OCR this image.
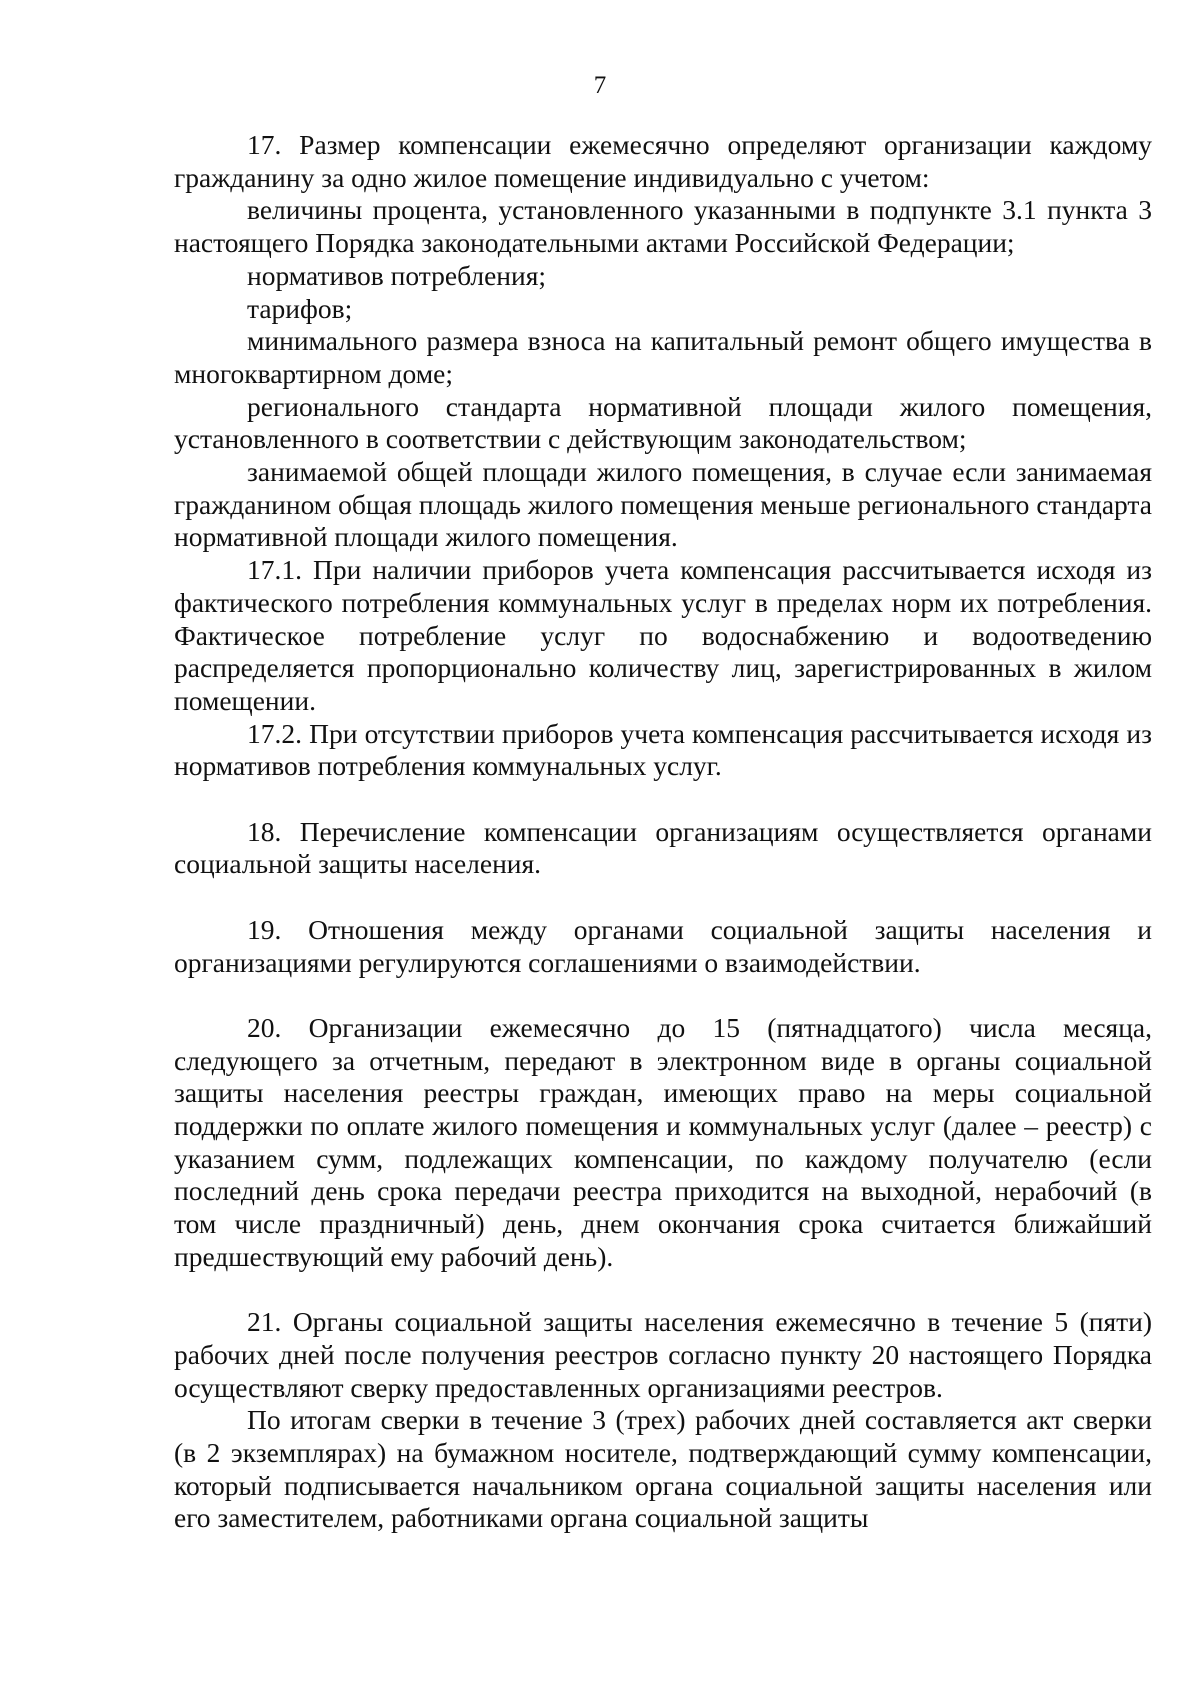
7

17. Размер компенсации ежемесячно определяют организации каждому гражданину за одно жилое помещение индивидуально с учетом:

величины процента, установленного указанными в подпункте 3.1 пункта 3 настоящего Порядка законодательными актами Российской Федерации;

нормативов потребления;

тарифов;

минимального размера взноса на капитальный ремонт общего имущества в многоквартирном доме;

регионального стандарта нормативной площади жилого помещения, установленного в соответствии с действующим законодательством;

занимаемой общей площади жилого помещения, в случае если занимаемая гражданином общая площадь жилого помещения меньше регионального стандарта нормативной площади жилого помещения.

17.1. При наличии приборов учета компенсация рассчитывается исходя из фактического потребления коммунальных услуг в пределах норм их потребления. Фактическое потребление услуг по водоснабжению и водоотведению распределяется пропорционально количеству лиц, зарегистрированных в жилом помещении.

17.2. При отсутствии приборов учета компенсация рассчитывается исходя из нормативов потребления коммунальных услуг.

18. Перечисление компенсации организациям осуществляется органами социальной защиты населения.

19. Отношения между органами социальной защиты населения и организациями регулируются соглашениями о взаимодействии.

20. Организации ежемесячно до 15 (пятнадцатого) числа месяца, следующего за отчетным, передают в электронном виде в органы социальной защиты населения реестры граждан, имеющих право на меры социальной поддержки по оплате жилого помещения и коммунальных услуг (далее – реестр) с указанием сумм, подлежащих компенсации, по каждому получателю (если последний день срока передачи реестра приходится на выходной, нерабочий (в том числе праздничный) день, днем окончания срока считается ближайший предшествующий ему рабочий день).

21. Органы социальной защиты населения ежемесячно в течение 5 (пяти) рабочих дней после получения реестров согласно пункту 20 настоящего Порядка осуществляют сверку предоставленных организациями реестров.

По итогам сверки в течение 3 (трех) рабочих дней составляется акт сверки (в 2 экземплярах) на бумажном носителе, подтверждающий сумму компенсации, который подписывается начальником органа социальной защиты населения или его заместителем, работниками органа социальной защиты
